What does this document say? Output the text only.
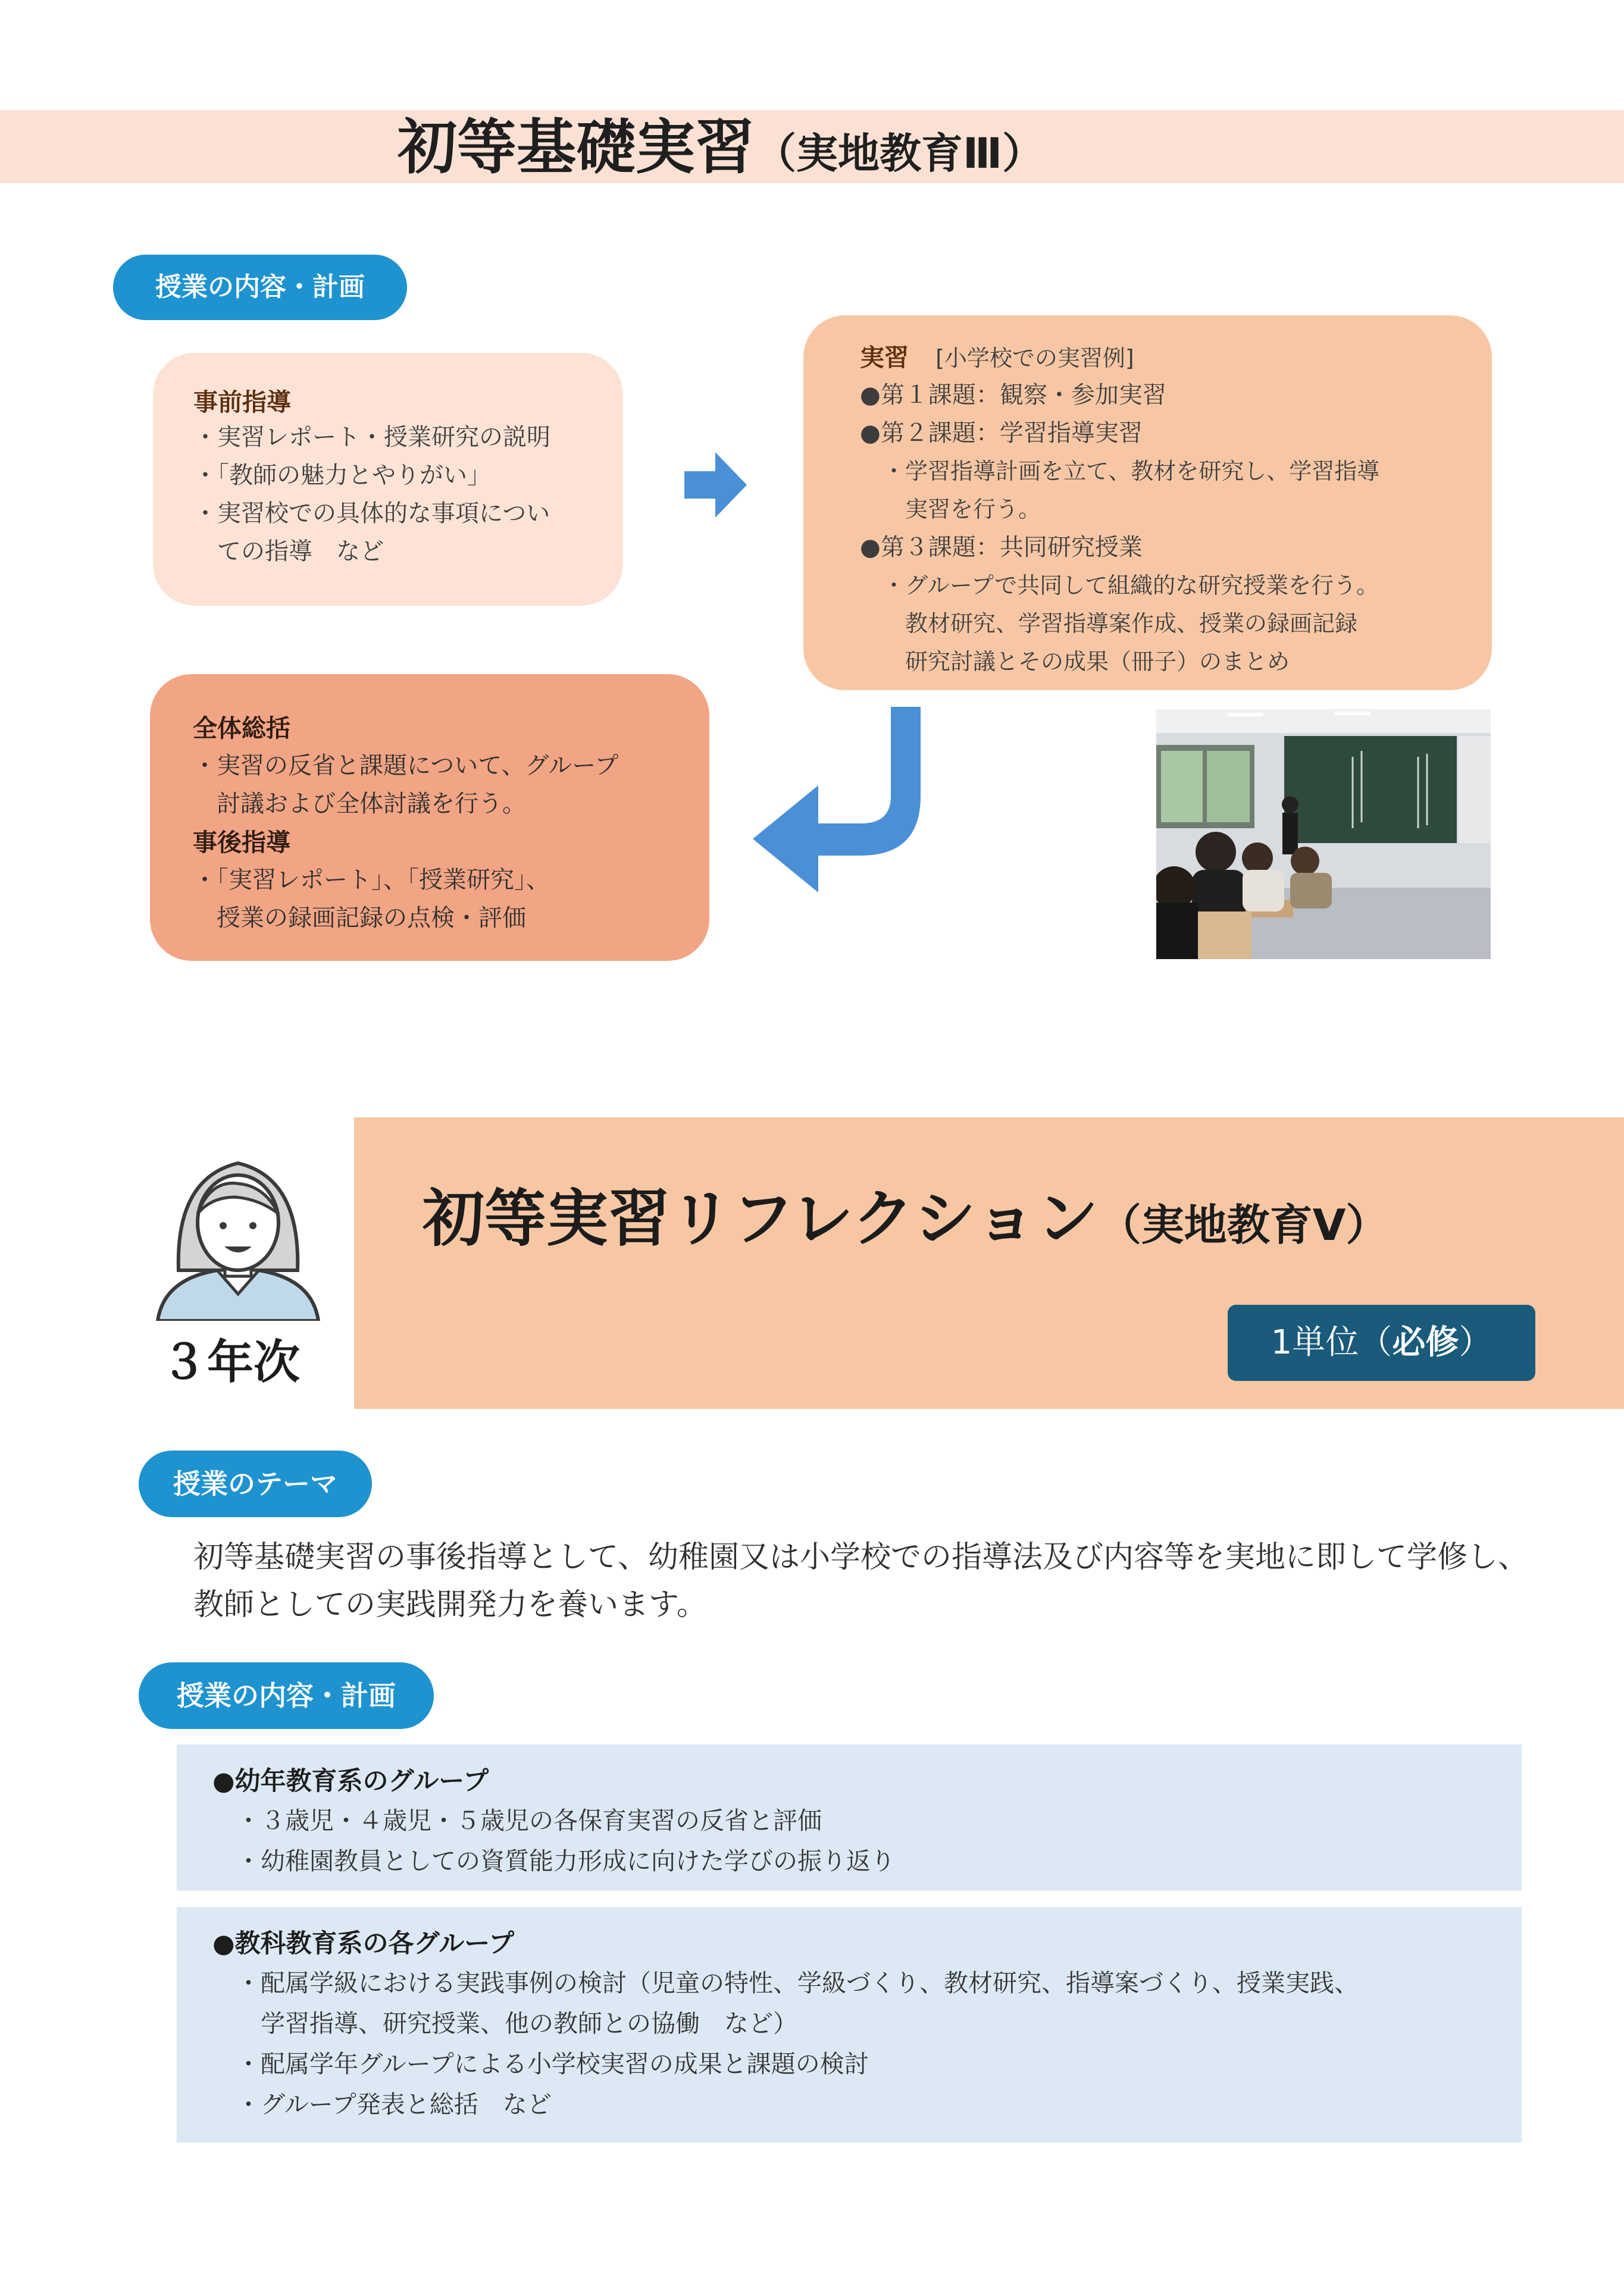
初等基礎実習（実地教育Ⅲ）
授業の内容・計画
事前指導
・実習レポート・授業研究の説明
・「教師の魅力とやりがい」
・実習校での具体的な事項につい
　ての指導　など
実習 [小学校での実習例]
●第１課題：観察・参加実習
●第２課題：学習指導実習
　・学習指導計画を立て、教材を研究し、学習指導
　　実習を行う。
●第３課題：共同研究授業
　・グループで共同して組織的な研究授業を行う。
　　教材研究、学習指導案作成、授業の録画記録
　　研究討議とその成果（冊子）のまとめ
全体総括
・実習の反省と課題について、グループ
　討議および全体討議を行う。
事後指導
・「実習レポート」、「授業研究」、
　授業の録画記録の点検・評価
初等実習リフレクション（実地教育Ⅴ）
1単位（必修）
３年次
授業のテーマ
初等基礎実習の事後指導として、幼稚園又は小学校での指導法及び内容等を実地に即して学修し、
教師としての実践開発力を養います。
授業の内容・計画
●幼年教育系のグループ
・３歳児・４歳児・５歳児の各保育実習の反省と評価
・幼稚園教員としての資質能力形成に向けた学びの振り返り
●教科教育系の各グループ
・配属学級における実践事例の検討（児童の特性、学級づくり、教材研究、指導案づくり、授業実践、
　学習指導、研究授業、他の教師との協働　など）
・配属学年グループによる小学校実習の成果と課題の検討
・グループ発表と総括　など
